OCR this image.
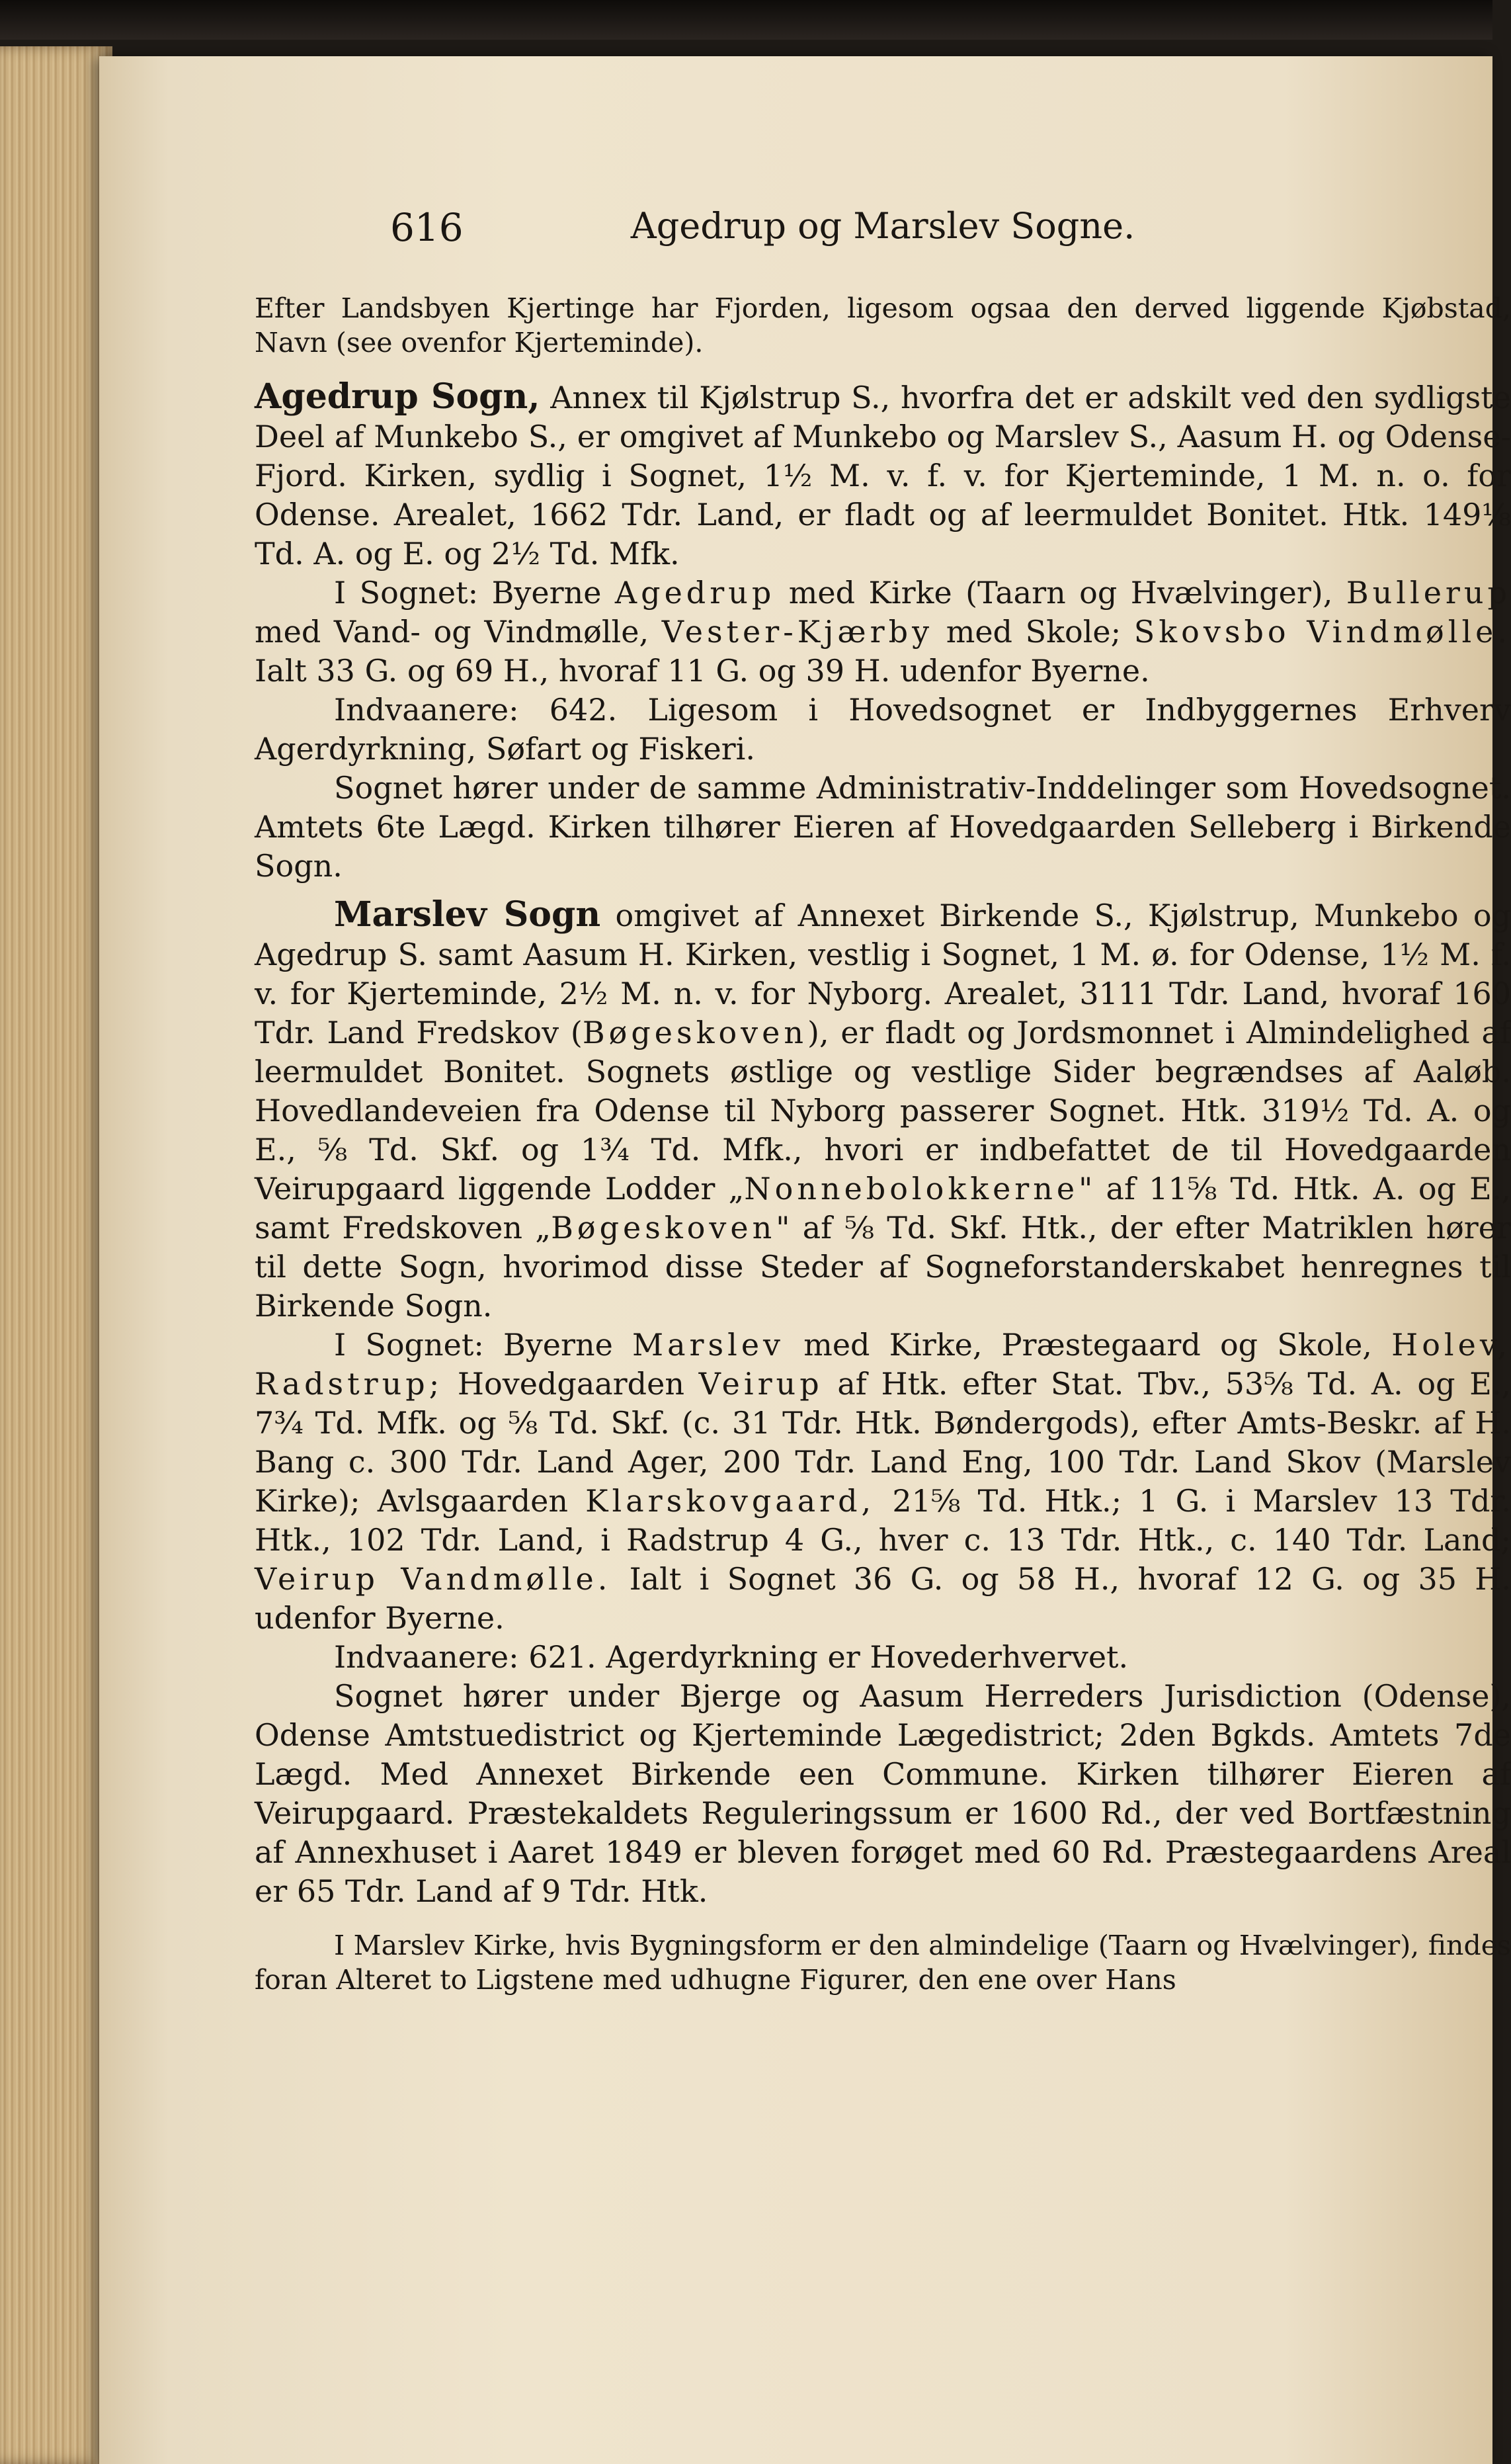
616	Agedrup og Marslev Sogne.

Efter Landsbyen Kjertinge har Fjorden, ligesom ogsaa den derved liggende Kjøbstad, Navn (see ovenfor Kjerteminde).

Agedrup Sogn, Annex til Kjølstrup S., hvorfra det er adskilt ved den sydligste Deel af Munkebo S., er omgivet af Munkebo og Marslev S., Aasum H. og Odense-Fjord. Kirken, sydlig i Sognet, 1½ M. v. f. v. for Kjerteminde, 1 M. n. o. for Odense. Arealet, 1662 Tdr. Land, er fladt og af leermuldet Bonitet. Htk. 149⅛ Td. A. og E. og 2½ Td. Mfk.

I Sognet: Byerne Agedrup med Kirke (Taarn og Hvælvinger), Bullerup med Vand- og Vindmølle, Vester-Kjærby med Skole; Skovsbo Vindmølle. Ialt 33 G. og 69 H., hvoraf 11 G. og 39 H. udenfor Byerne.

Indvaanere: 642. Ligesom i Hovedsognet er Indbyggernes Erhverv Agerdyrkning, Søfart og Fiskeri.

Sognet hører under de samme Administrativ-Inddelinger som Hovedsognet. Amtets 6te Lægd. Kirken tilhører Eieren af Hovedgaarden Selleberg i Birkende Sogn.

Marslev Sogn omgivet af Annexet Birkende S., Kjølstrup, Munkebo og Agedrup S. samt Aasum H. Kirken, vestlig i Sognet, 1 M. ø. for Odense, 1½ M. f. v. for Kjerteminde, 2½ M. n. v. for Nyborg. Arealet, 3111 Tdr. Land, hvoraf 160 Tdr. Land Fredskov (Bøgeskoven), er fladt og Jordsmonnet i Almindelighed af leermuldet Bonitet. Sognets østlige og vestlige Sider begrændses af Aaløb. Hovedlandeveien fra Odense til Nyborg passerer Sognet. Htk. 319½ Td. A. og E., ⅝ Td. Skf. og 1¾ Td. Mfk., hvori er indbefattet de til Hovedgaarden Veirupgaard liggende Lodder „Nonnebolokkerne" af 11⅝ Td. Htk. A. og E., samt Fredskoven „Bøgeskoven" af ⅝ Td. Skf. Htk., der efter Matriklen hører til dette Sogn, hvorimod disse Steder af Sogneforstanderskabet henregnes til Birkende Sogn.

I Sognet: Byerne Marslev med Kirke, Præstegaard og Skole, Holev, Radstrup; Hovedgaarden Veirup af Htk. efter Stat. Tbv., 53⅝ Td. A. og E., 7¾ Td. Mfk. og ⅝ Td. Skf. (c. 31 Tdr. Htk. Bøndergods), efter Amts-Beskr. af H. Bang c. 300 Tdr. Land Ager, 200 Tdr. Land Eng, 100 Tdr. Land Skov (Marslev Kirke); Avlsgaarden Klarskovgaard, 21⅝ Td. Htk.; 1 G. i Marslev 13 Tdr. Htk., 102 Tdr. Land, i Radstrup 4 G., hver c. 13 Tdr. Htk., c. 140 Tdr. Land; Veirup Vandmølle. Ialt i Sognet 36 G. og 58 H., hvoraf 12 G. og 35 H. udenfor Byerne.

Indvaanere: 621. Agerdyrkning er Hovederhvervet.

Sognet hører under Bjerge og Aasum Herreders Jurisdiction (Odense), Odense Amtstuedistrict og Kjerteminde Lægedistrict; 2den Bgkds. Amtets 7de Lægd. Med Annexet Birkende een Commune. Kirken tilhører Eieren af Veirupgaard. Præstekaldets Reguleringssum er 1600 Rd., der ved Bortfæstning af Annexhuset i Aaret 1849 er bleven forøget med 60 Rd. Præstegaardens Areal er 65 Tdr. Land af 9 Tdr. Htk.

I Marslev Kirke, hvis Bygningsform er den almindelige (Taarn og Hvælvinger), findes foran Alteret to Ligstene med udhugne Figurer, den ene over Hans
